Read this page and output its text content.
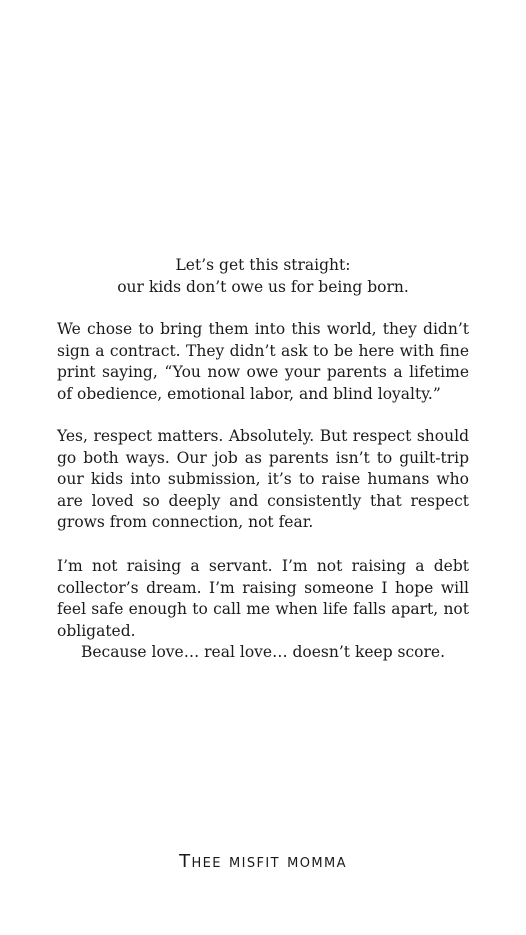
Let’s get this straight:
our kids don’t owe us for being born.
We chose to bring them into this world, they didn’t sign a contract. They didn’t ask to be here with fine print saying, “You now owe your parents a lifetime of obedience, emotional labor, and blind loyalty.”
Yes, respect matters. Absolutely. But respect should go both ways. Our job as parents isn’t to guilt-trip our kids into submission, it’s to raise humans who are loved so deeply and consistently that respect grows from connection, not fear.
I’m not raising a servant. I’m not raising a debt collector’s dream. I’m raising someone I hope will feel safe enough to call me when life falls apart, not obligated.
Because love… real love… doesn’t keep score.
Thee misfit momma
